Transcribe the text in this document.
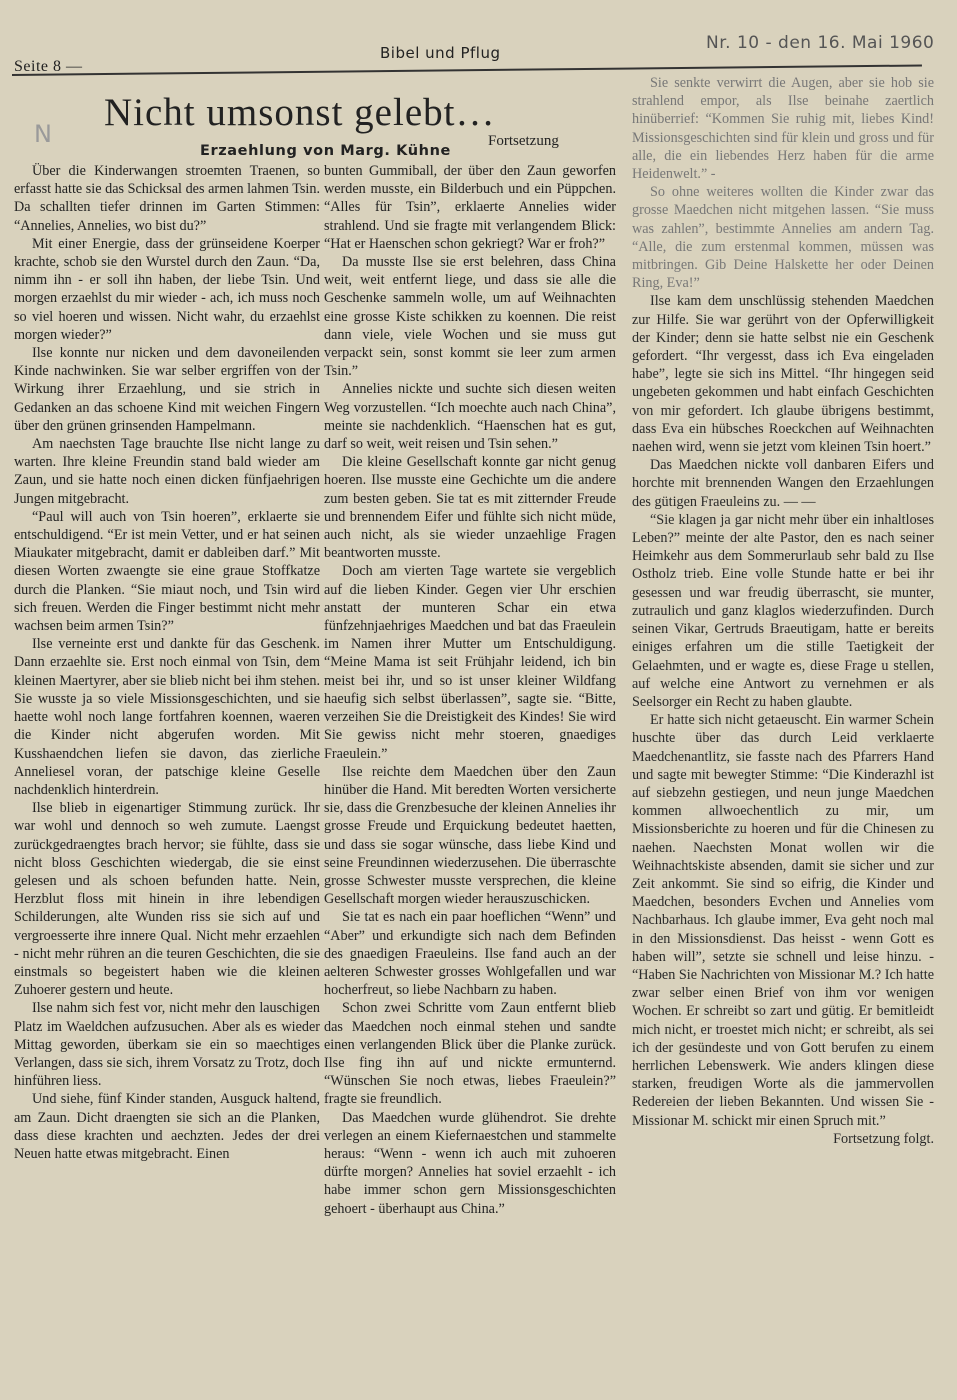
Seite 8 —
Bibel und Pflug	Nr. 10 - den 16. Mai 1960
N Nicht umsonst gelebt…
Fortsetzung
Erzaehlung von Marg. Kühne

Über die Kinderwangen stroemten Traenen, so erfasst hatte sie das Schicksal des armen lahmen Tsin. Da schallten tiefer drinnen im Garten Stimmen: “Annelies, Annelies, wo bist du?”

Mit einer Energie, dass der grünseidene Koerper krachte, schob sie den Wurstel durch den Zaun. “Da, nimm ihn - er soll ihn haben, der liebe Tsin. Und morgen erzaehlst du mir wieder - ach, ich muss noch so viel hoeren und wissen. Nicht wahr, du erzaehlst morgen wieder?”

Ilse konnte nur nicken und dem davoneilenden Kinde nachwinken. Sie war selber ergriffen von der Wirkung ihrer Erzaehlung, und sie strich in Gedanken an das schoene Kind mit weichen Fingern über den grünen grinsenden Hampelmann.

Am naechsten Tage brauchte Ilse nicht lange zu warten. Ihre kleine Freundin stand bald wieder am Zaun, und sie hatte noch einen dicken fünfjaehrigen Jungen mitgebracht.

“Paul will auch von Tsin hoeren”, erklaerte sie entschuldigend. “Er ist mein Vetter, und er hat seinen Miaukater mitgebracht, damit er dableiben darf.” Mit diesen Worten zwaengte sie eine graue Stoffkatze durch die Planken. “Sie miaut noch, und Tsin wird sich freuen. Werden die Finger bestimmt nicht mehr wachsen beim armen Tsin?”

Ilse verneinte erst und dankte für das Geschenk. Dann erzaehlte sie. Erst noch einmal von Tsin, dem kleinen Maertyrer, aber sie blieb nicht bei ihm stehen. Sie wusste ja so viele Missionsgeschichten, und sie haette wohl noch lange fortfahren koennen, waeren die Kinder nicht abgerufen worden. Mit Kusshaendchen liefen sie davon, das zierliche Anneliesel voran, der patschige kleine Geselle nachdenklich hinterdrein.

Ilse blieb in eigenartiger Stimmung zurück. Ihr war wohl und dennoch so weh zumute. Laengst zurückgedraengtes brach hervor; sie fühlte, dass sie nicht bloss Geschichten wiedergab, die sie einst gelesen und als schoen befunden hatte. Nein, Herzblut floss mit hinein in ihre lebendigen Schilderungen, alte Wunden riss sie sich auf und vergroesserte ihre innere Qual. Nicht mehr erzaehlen - nicht mehr rühren an die teuren Geschichten, die sie einstmals so begeistert haben wie die kleinen Zuhoerer gestern und heute.

Ilse nahm sich fest vor, nicht mehr den lauschigen Platz im Waeldchen aufzusuchen. Aber als es wieder Mittag geworden, überkam sie ein so maechtiges Verlangen, dass sie sich, ihrem Vorsatz zu Trotz, doch hinführen liess.

Und siehe, fünf Kinder standen, Ausguck haltend, am Zaun. Dicht draengten sie sich an die Planken, dass diese krachten und aechzten. Jedes der drei Neuen hatte etwas mitgebracht. Einen

bunten Gummiball, der über den Zaun geworfen werden musste, ein Bilderbuch und ein Püppchen. “Alles für Tsin”, erklaerte Annelies wider strahlend. Und sie fragte mit verlangendem Blick: “Hat er Haenschen schon gekriegt? War er froh?”

Da musste Ilse sie erst belehren, dass China weit, weit entfernt liege, und dass sie alle die Geschenke sammeln wolle, um auf Weihnachten eine grosse Kiste schikken zu koennen. Die reist dann viele, viele Wochen und sie muss gut verpackt sein, sonst kommt sie leer zum armen Tsin.”

Annelies nickte und suchte sich diesen weiten Weg vorzustellen. “Ich moechte auch nach China”, meinte sie nachdenklich. “Haenschen hat es gut, darf so weit, weit reisen und Tsin sehen.”

Die kleine Gesellschaft konnte gar nicht genug hoeren. Ilse musste eine Gechichte um die andere zum besten geben. Sie tat es mit zitternder Freude und brennendem Eifer und fühlte sich nicht müde, auch nicht, als sie wieder unzaehlige Fragen beantworten musste.

Doch am vierten Tage wartete sie vergeblich auf die lieben Kinder. Gegen vier Uhr erschien anstatt der munteren Schar ein etwa fünfzehnjaehriges Maedchen und bat das Fraeulein im Namen ihrer Mutter um Entschuldigung. “Meine Mama ist seit Frühjahr leidend, ich bin meist bei ihr, und so ist unser kleiner Wildfang haeufig sich selbst überlassen”, sagte sie. “Bitte, verzeihen Sie die Dreistigkeit des Kindes! Sie wird Sie gewiss nicht mehr stoeren, gnaediges Fraeulein.”

Ilse reichte dem Maedchen über den Zaun hinüber die Hand. Mit beredten Worten versicherte sie, dass die Grenzbesuche der kleinen Annelies ihr grosse Freude und Erquickung bedeutet haetten, und dass sie sogar wünsche, dass liebe Kind und seine Freundinnen wiederzusehen. Die überraschte grosse Schwester musste versprechen, die kleine Gesellschaft morgen wieder herauszuschicken.

Sie tat es nach ein paar hoeflichen “Wenn” und “Aber” und erkundigte sich nach dem Befinden des gnaedigen Fraeuleins. Ilse fand auch an der aelteren Schwester grosses Wohlgefallen und war hocherfreut, so liebe Nachbarn zu haben.

Schon zwei Schritte vom Zaun entfernt blieb das Maedchen noch einmal stehen und sandte einen verlangenden Blick über die Planke zurück. Ilse fing ihn auf und nickte ermunternd. “Wünschen Sie noch etwas, liebes Fraeulein?” fragte sie freundlich.

Das Maedchen wurde glühendrot. Sie drehte verlegen an einem Kiefernaestchen und stammelte heraus: “Wenn - wenn ich auch mit zuhoeren dürfte morgen? Annelies hat soviel erzaehlt - ich habe immer schon gern Missionsgeschichten gehoert - überhaupt aus China.”

Sie senkte verwirrt die Augen, aber sie hob sie strahlend empor, als Ilse beinahe zaertlich hinüberrief: “Kommen Sie ruhig mit, liebes Kind! Missionsgeschichten sind für klein und gross und für alle, die ein liebendes Herz haben für die arme Heidenwelt.” -

So ohne weiteres wollten die Kinder zwar das grosse Maedchen nicht mitgehen lassen. “Sie muss was zahlen”, bestimmte Annelies am andern Tag. “Alle, die zum erstenmal kommen, müssen was mitbringen. Gib Deine Halskette her oder Deinen Ring, Eva!”

Ilse kam dem unschlüssig stehenden Maedchen zur Hilfe. Sie war gerührt von der Opferwilligkeit der Kinder; denn sie hatte selbst nie ein Geschenk gefordert. “Ihr vergesst, dass ich Eva eingeladen habe”, legte sie sich ins Mittel. “Ihr hingegen seid ungebeten gekommen und habt einfach Geschichten von mir gefordert. Ich glaube übrigens bestimmt, dass Eva ein hübsches Roeckchen auf Weihnachten naehen wird, wenn sie jetzt vom kleinen Tsin hoert.”

Das Maedchen nickte voll danbaren Eifers und horchte mit brennenden Wangen den Erzaehlungen des gütigen Fraeuleins zu. — —

“Sie klagen ja gar nicht mehr über ein inhaltloses Leben?” meinte der alte Pastor, den es nach seiner Heimkehr aus dem Sommerurlaub sehr bald zu Ilse Ostholz trieb. Eine volle Stunde hatte er bei ihr gesessen und war freudig überrascht, sie munter, zutraulich und ganz klaglos wiederzufinden. Durch seinen Vikar, Gertruds Braeutigam, hatte er bereits einiges erfahren um die stille Taetigkeit der Gelaehmten, und er wagte es, diese Frage u stellen, auf welche eine Antwort zu vernehmen er als Seelsorger ein Recht zu haben glaubte.

Er hatte sich nicht getaeuscht. Ein warmer Schein huschte über das durch Leid verklaerte Maedchenantlitz, sie fasste nach des Pfarrers Hand und sagte mit bewegter Stimme: “Die Kinderazhl ist auf siebzehn gestiegen, und neun junge Maedchen kommen allwoechentlich zu mir, um Missionsberichte zu hoeren und für die Chinesen zu naehen. Naechsten Monat wollen wir die Weihnachtskiste absenden, damit sie sicher und zur Zeit ankommt. Sie sind so eifrig, die Kinder und Maedchen, besonders Evchen und Annelies vom Nachbarhaus. Ich glaube immer, Eva geht noch mal in den Missionsdienst. Das heisst - wenn Gott es haben will”, setzte sie schnell und leise hinzu. - “Haben Sie Nachrichten von Missionar M.? Ich hatte zwar selber einen Brief von ihm vor wenigen Wochen. Er schreibt so zart und gütig. Er bemitleidt mich nicht, er troestet mich nicht; er schreibt, als sei ich der gesündeste und von Gott berufen zu einem herrlichen Lebenswerk. Wie anders klingen diese starken, freudigen Worte als die jammervollen Redereien der lieben Bekannten. Und wissen Sie - Missionar M. schickt mir einen Spruch mit.”

Fortsetzung folgt.
